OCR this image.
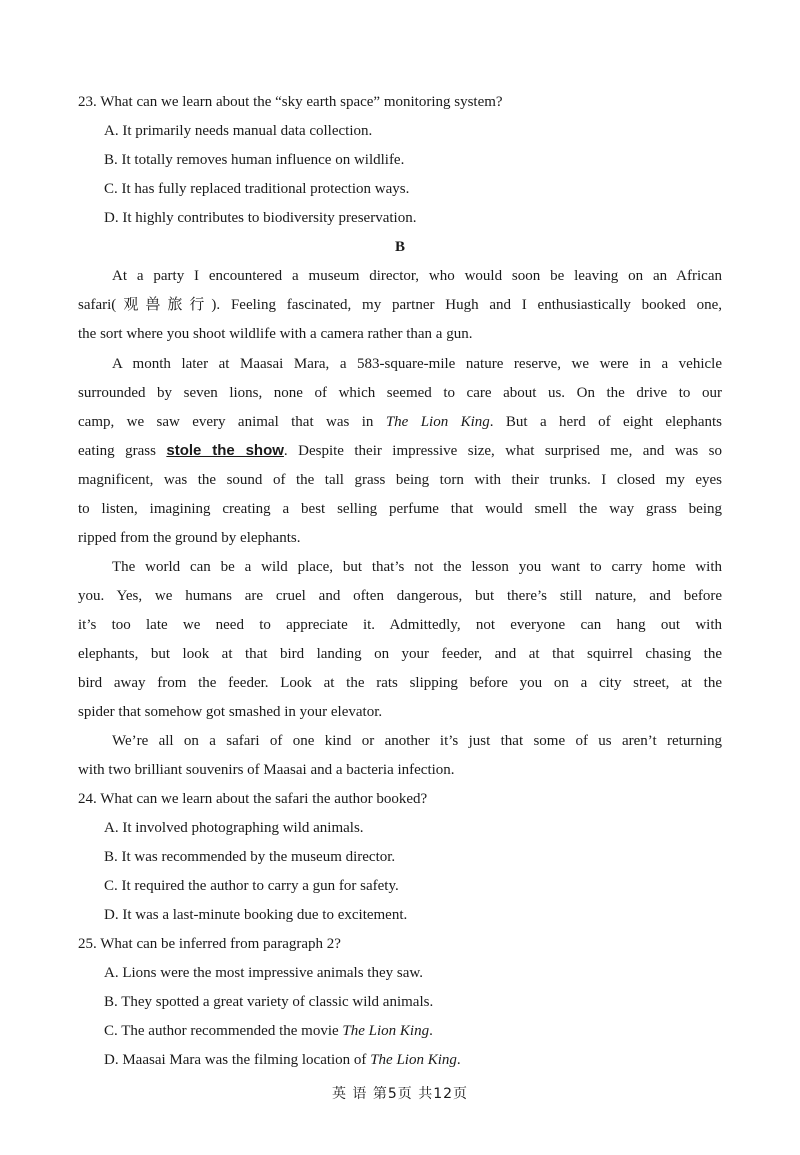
23. What can we learn about the “sky earth space” monitoring system?
A. It primarily needs manual data collection.
B. It totally removes human influence on wildlife.
C. It has fully replaced traditional protection ways.
D. It highly contributes to biodiversity preservation.
B
At a party I encountered a museum director, who would soon be leaving on an African
safari(观兽旅行). Feeling fascinated, my partner Hugh and I enthusiastically booked one,
the sort where you shoot wildlife with a camera rather than a gun.
A month later at Maasai Mara, a 583-square-mile nature reserve, we were in a vehicle
surrounded by seven lions, none of which seemed to care about us. On the drive to our
camp, we saw every animal that was in The Lion King. But a herd of eight elephants
eating grass stole the show. Despite their impressive size, what surprised me, and was so
magnificent, was the sound of the tall grass being torn with their trunks. I closed my eyes
to listen, imagining creating a best selling perfume that would smell the way grass being
ripped from the ground by elephants.
The world can be a wild place, but that’s not the lesson you want to carry home with
you. Yes, we humans are cruel and often dangerous, but there’s still nature, and before
it’s too late we need to appreciate it. Admittedly, not everyone can hang out with
elephants, but look at that bird landing on your feeder, and at that squirrel chasing the
bird away from the feeder. Look at the rats slipping before you on a city street, at the
spider that somehow got smashed in your elevator.
We’re all on a safari of one kind or another it’s just that some of us aren’t returning
with two brilliant souvenirs of Maasai and a bacteria infection.
24. What can we learn about the safari the author booked?
A. It involved photographing wild animals.
B. It was recommended by the museum director.
C. It required the author to carry a gun for safety.
D. It was a last-minute booking due to excitement.
25. What can be inferred from paragraph 2?
A. Lions were the most impressive animals they saw.
B. They spotted a great variety of classic wild animals.
C. The author recommended the movie The Lion King.
D. Maasai Mara was the filming location of The Lion King.
英 语 第5页 共12页
